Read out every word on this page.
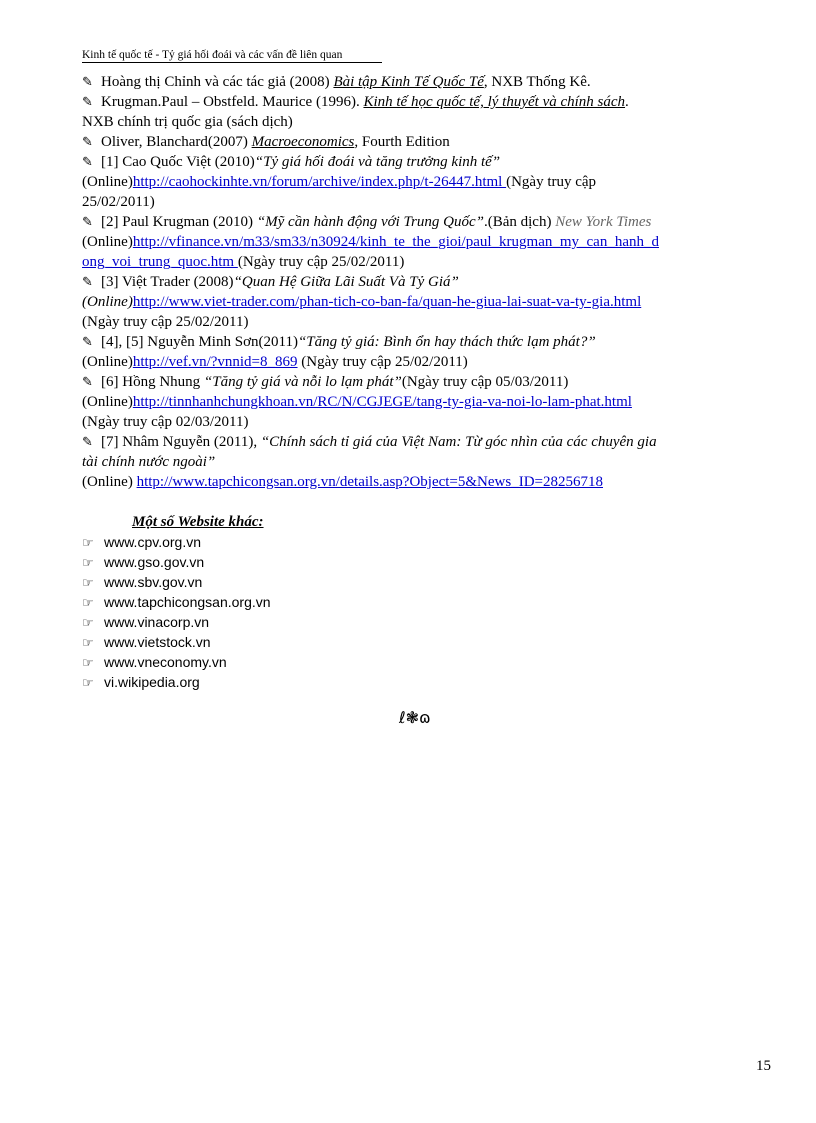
Kinh tế quốc tế - Tỷ giá hối đoái và các vấn đề liên quan
✎ Hoàng thị Chỉnh và các tác giả (2008) Bài tập Kinh Tế Quốc Tế, NXB Thống Kê.
✎ Krugman.Paul – Obstfeld. Maurice (1996). Kinh tế học quốc tế, lý thuyết và chính sách.
NXB chính trị quốc gia (sách dịch)
✎ Oliver, Blanchard(2007) Macroeconomics, Fourth Edition
✎ [1] Cao Quốc Việt (2010)“Tỷ giá hối đoái và tăng trưởng kinh tế”
(Online)http://caohockinhte.vn/forum/archive/index.php/t-26447.html (Ngày truy cập
25/02/2011)
✎ [2] Paul Krugman (2010) “Mỹ cần hành động với Trung Quốc”.(Bản dịch) New York Times
(Online)http://vfinance.vn/m33/sm33/n30924/kinh_te_the_gioi/paul_krugman_my_can_hanh_d
ong_voi_trung_quoc.htm (Ngày truy cập 25/02/2011)
✎ [3] Việt Trader (2008)“Quan Hệ Giữa Lãi Suất Và Tỷ Giá”
(Online)http://www.viet-trader.com/phan-tich-co-ban-fa/quan-he-giua-lai-suat-va-ty-gia.html
(Ngày truy cập 25/02/2011)
✎ [4], [5] Nguyễn Minh Sơn(2011)“Tăng tỷ giá: Bình ổn hay thách thức lạm phát?”
(Online)http://vef.vn/?vnnid=8_869 (Ngày truy cập 25/02/2011)
✎ [6] Hồng Nhung “Tăng tỷ giá và nỗi lo lạm phát”(Ngày truy cập 05/03/2011)
(Online)http://tinnhanhchungkhoan.vn/RC/N/CGJEGE/tang-ty-gia-va-noi-lo-lam-phat.html
(Ngày truy cập 02/03/2011)
✎ [7] Nhâm Nguyễn (2011), “Chính sách tỉ giá của Việt Nam: Từ góc nhìn của các chuyên gia
tài chính nước ngoài”
(Online) http://www.tapchicongsan.org.vn/details.asp?Object=5&News_ID=28256718
Một số Website khác:
☞ www.cpv.org.vn
☞ www.gso.gov.vn
☞ www.sbv.gov.vn
☞ www.tapchicongsan.org.vn
☞ www.vinacorp.vn
☞ www.vietstock.vn
☞ www.vneconomy.vn
☞ vi.wikipedia.org
ℓ❃ɷ
15
